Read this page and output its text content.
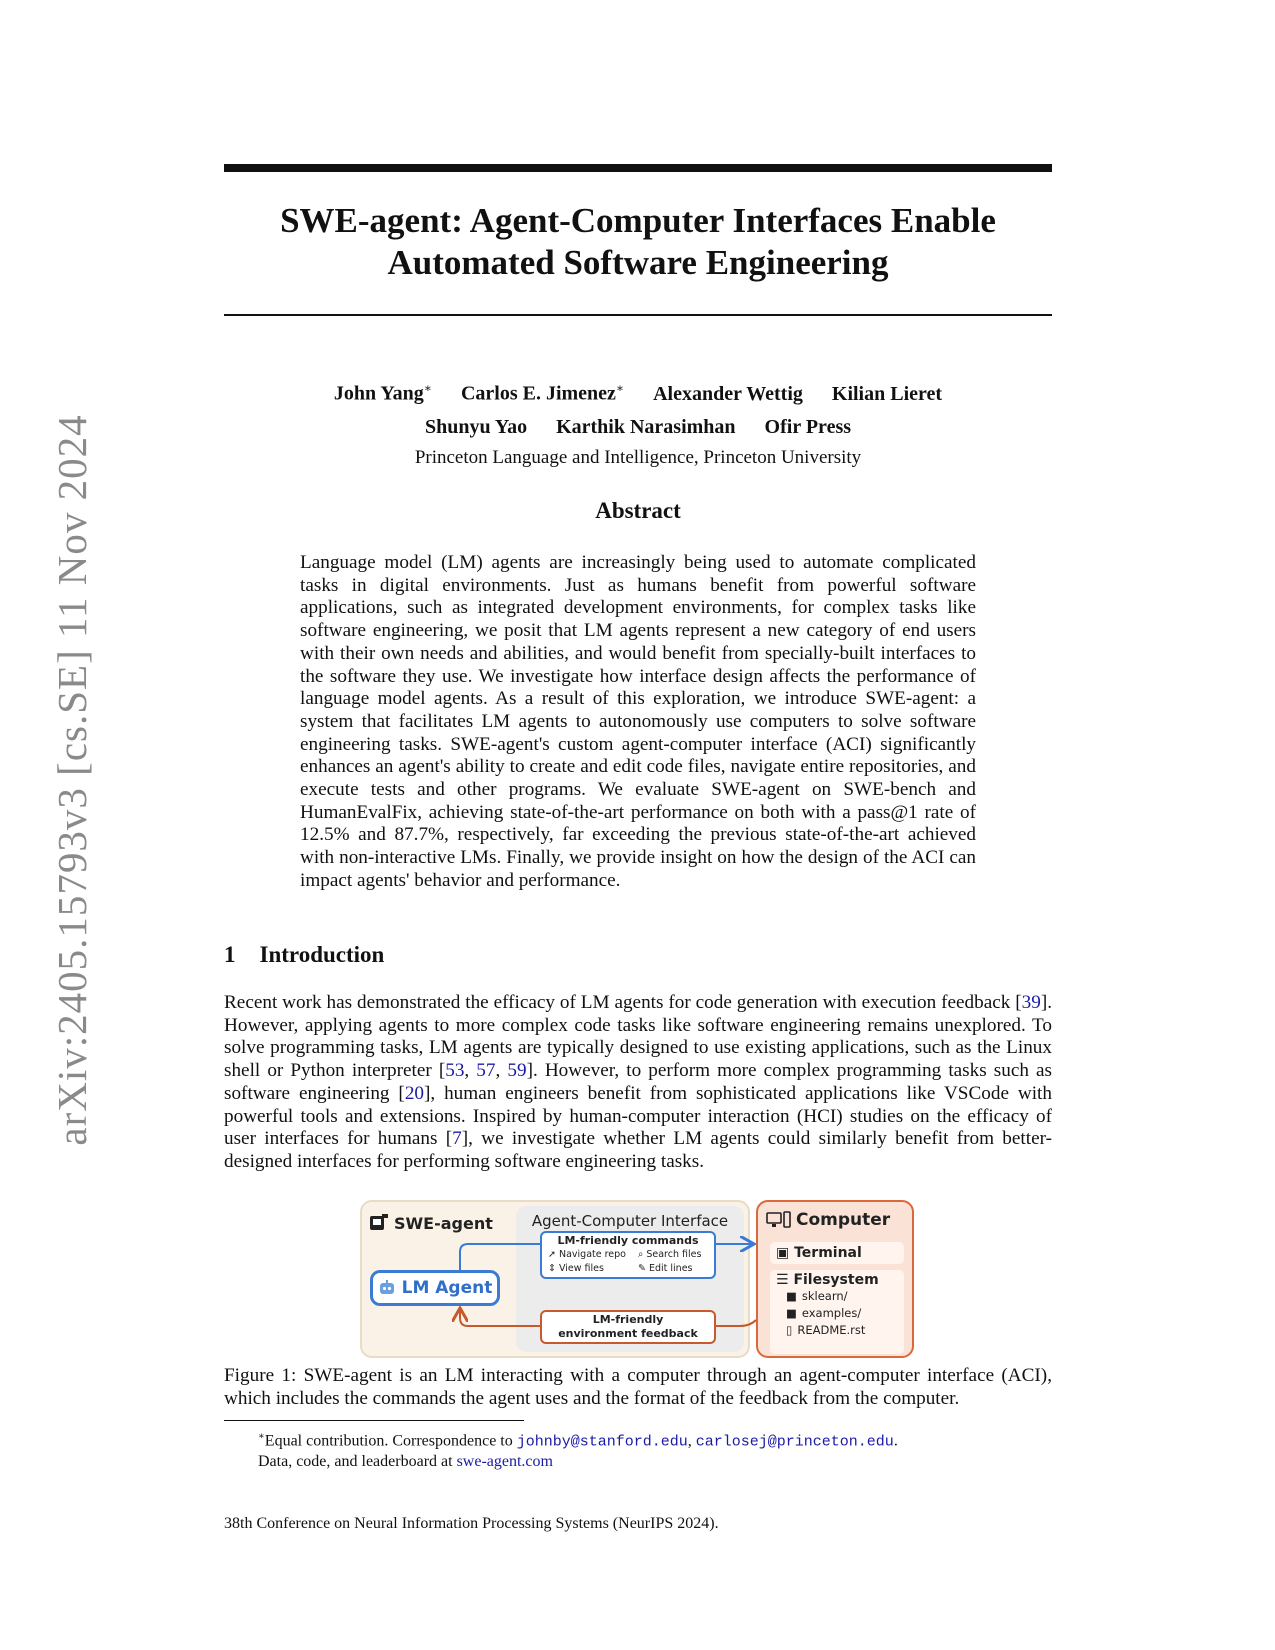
arXiv:2405.15793v3 [cs.SE] 11 Nov 2024
SWE-agent: Agent-Computer Interfaces Enable
Automated Software Engineering
John Yang∗ Carlos E. Jimenez∗ Alexander Wettig Kilian Lieret
Shunyu Yao Karthik Narasimhan Ofir Press
Princeton Language and Intelligence, Princeton University
Abstract
Language model (LM) agents are increasingly being used to automate complicated tasks in digital environments. Just as humans benefit from powerful software applications, such as integrated development environments, for complex tasks like software engineering, we posit that LM agents represent a new category of end users with their own needs and abilities, and would benefit from specially-built interfaces to the software they use. We investigate how interface design affects the performance of language model agents. As a result of this exploration, we introduce SWE-agent: a system that facilitates LM agents to autonomously use computers to solve software engineering tasks. SWE-agent's custom agent-computer interface (ACI) significantly enhances an agent's ability to create and edit code files, navigate entire repositories, and execute tests and other programs. We evaluate SWE-agent on SWE-bench and HumanEvalFix, achieving state-of-the-art performance on both with a pass@1 rate of 12.5% and 87.7%, respectively, far exceeding the previous state-of-the-art achieved with non-interactive LMs. Finally, we provide insight on how the design of the ACI can impact agents' behavior and performance.
1 Introduction
Recent work has demonstrated the efficacy of LM agents for code generation with execution feedback [39]. However, applying agents to more complex code tasks like software engineering remains unexplored. To solve programming tasks, LM agents are typically designed to use existing applications, such as the Linux shell or Python interpreter [53, 57, 59]. However, to perform more complex programming tasks such as software engineering [20], human engineers benefit from sophisticated applications like VSCode with powerful tools and extensions. Inspired by human-computer interaction (HCI) studies on the efficacy of user interfaces for humans [7], we investigate whether LM agents could similarly benefit from better-designed interfaces for performing software engineering tasks.
Agent-Computer Interface
SWE-agent
LM Agent
LM-friendly commands
➚ Navigate repo ⌕ Search files
⇕ View files	✎ Edit lines
LM-friendly
environment feedback
Computer
▣ Terminal
☰ Filesystem
■ sklearn/
■ examples/
▯ README.rst
Figure 1: SWE-agent is an LM interacting with a computer through an agent-computer interface (ACI), which includes the commands the agent uses and the format of the feedback from the computer.
∗Equal contribution. Correspondence to johnby@stanford.edu, carlosej@princeton.edu.
Data, code, and leaderboard at swe-agent.com
38th Conference on Neural Information Processing Systems (NeurIPS 2024).
